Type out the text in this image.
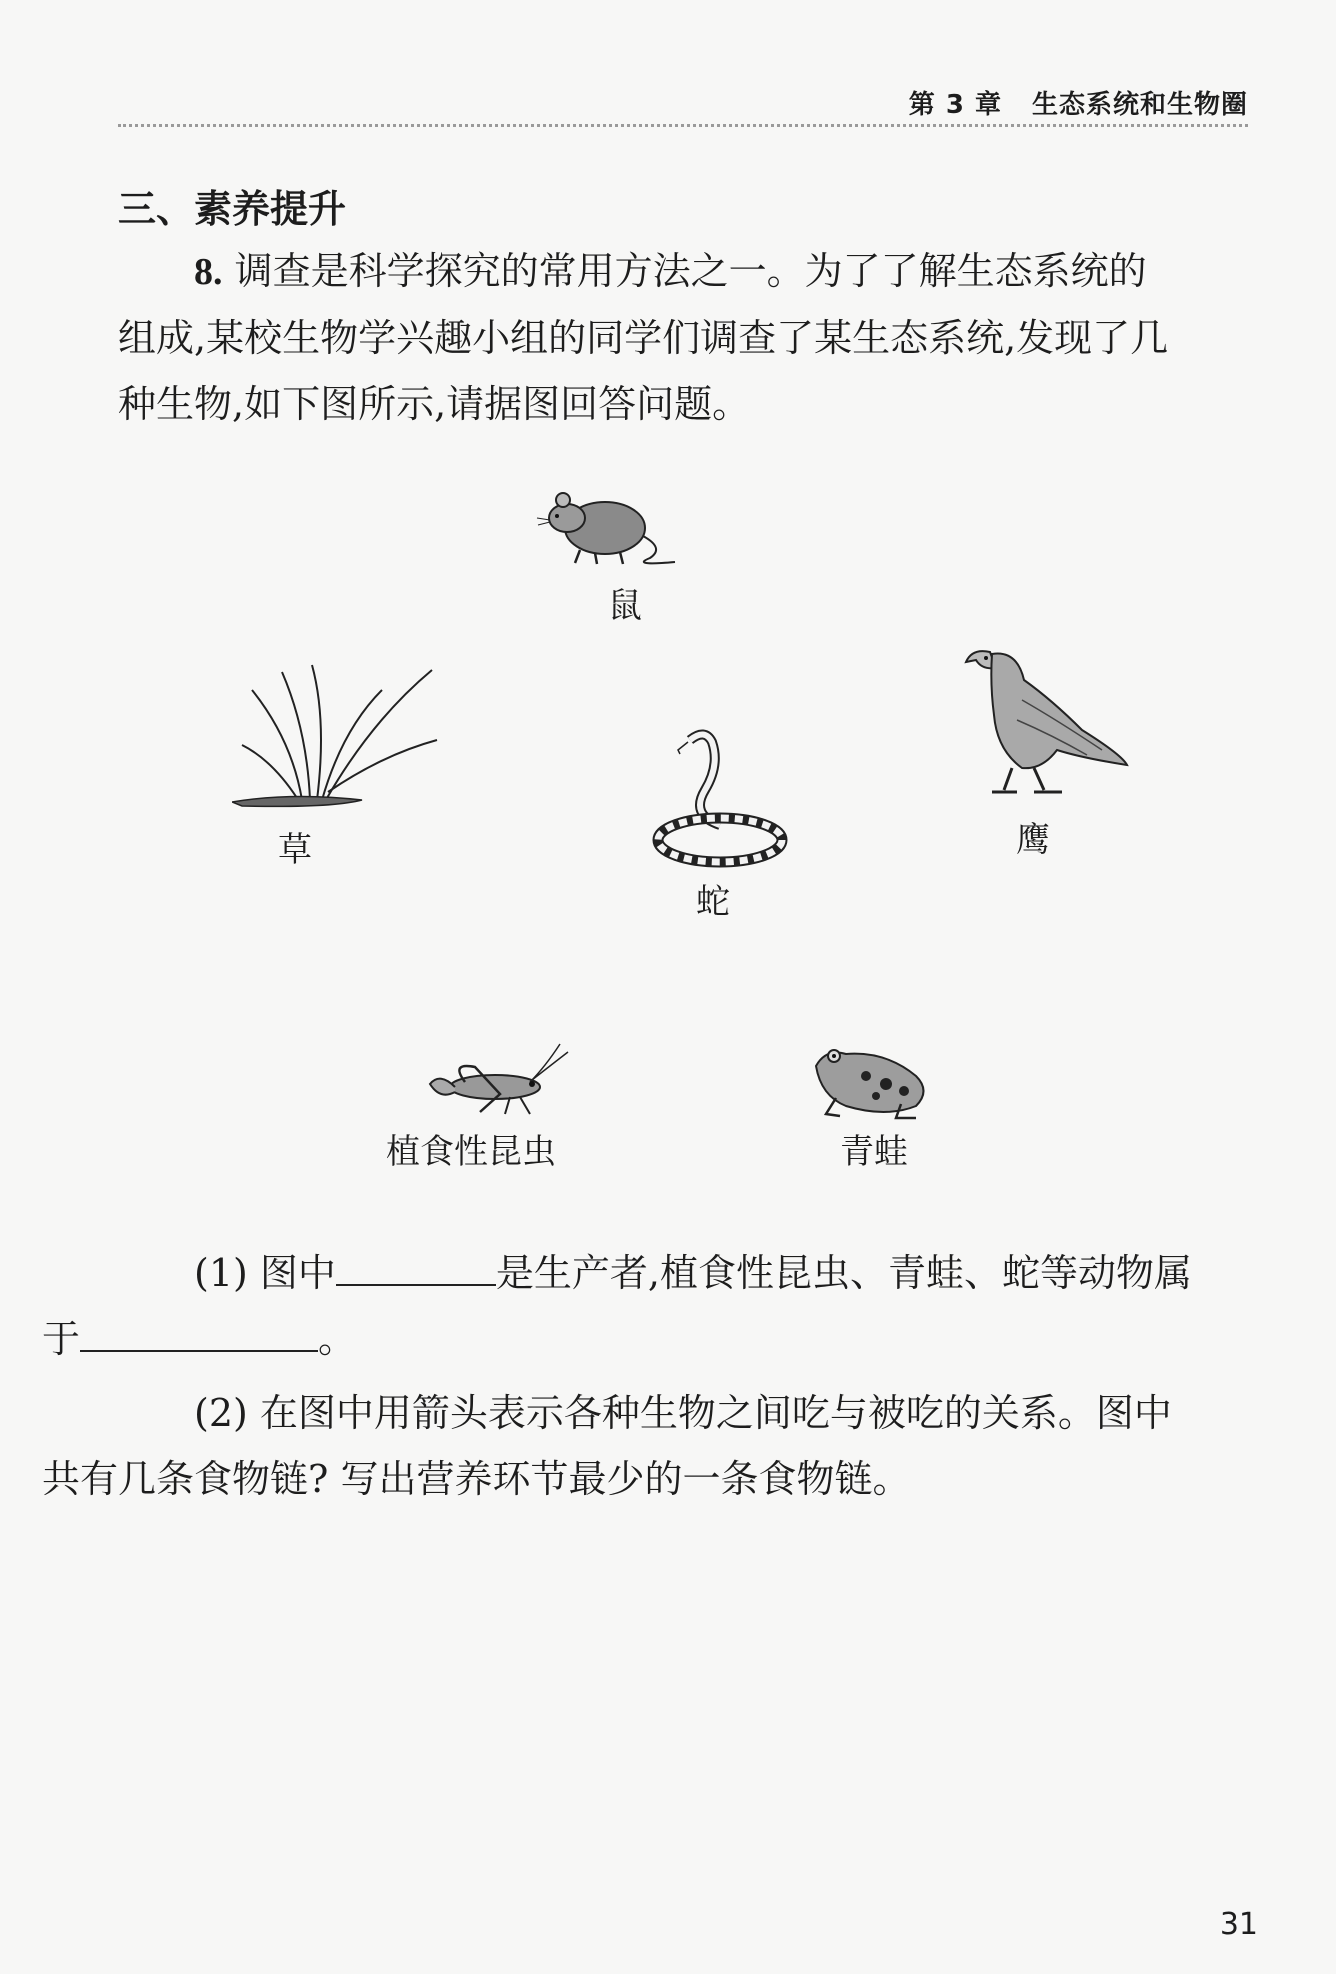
第 3 章 生态系统和生物圈
三、素养提升
8. 调查是科学探究的常用方法之一。为了了解生态系统的
组成,某校生物学兴趣小组的同学们调查了某生态系统,发现了几
种生物,如下图所示,请据图回答问题。
鼠
草
蛇
鹰
植食性昆虫	青蛙
(1) 图中	是生产者,植食性昆虫、青蛙、蛇等动物属
于	。
(2) 在图中用箭头表示各种生物之间吃与被吃的关系。图中
共有几条食物链? 写出营养环节最少的一条食物链。
31
